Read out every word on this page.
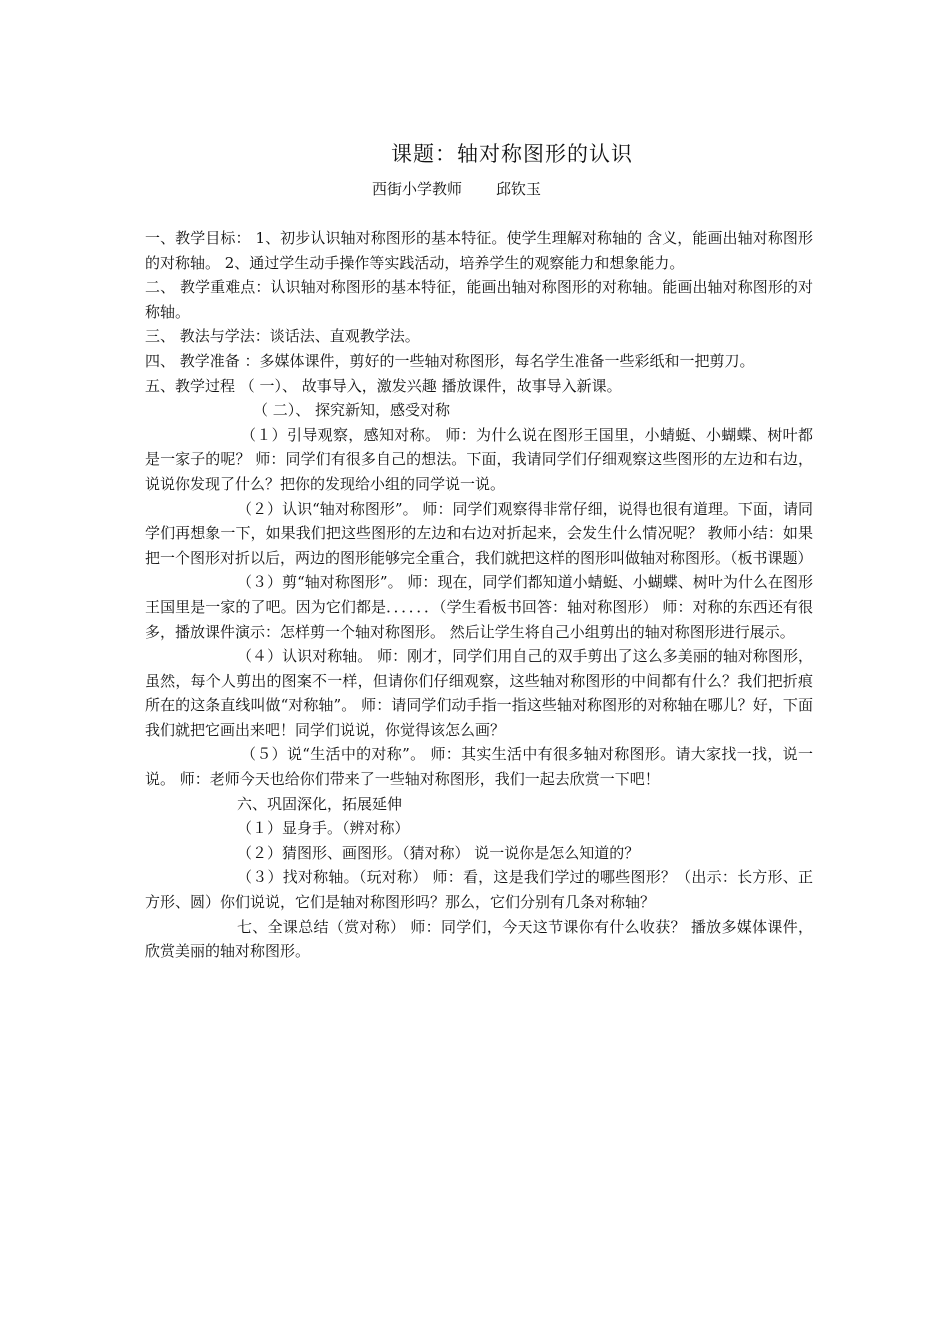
课题：轴对称图形的认识
西街小学教师 邱钦玉

一、教学目标： 1、初步认识轴对称图形的基本特征。使学生理解对称轴的 含义，能画出轴对称图形的对称轴。 2、通过学生动手操作等实践活动，培养学生的观察能力和想象能力。

二、 教学重难点：认识轴对称图形的基本特征，能画出轴对称图形的对称轴。能画出轴对称图形的对称轴。

三、 教法与学法：谈话法、直观教学法。

四、 教学准备 ：多媒体课件，剪好的一些轴对称图形，每名学生准备一些彩纸和一把剪刀。

五、教学过程 （ 一）、 故事导入，激发兴趣 播放课件，故事导入新课。

（ 二）、 探究新知，感受对称

（１）引导观察，感知对称。 师：为什么说在图形王国里，小蜻蜓、小蝴蝶、树叶都是一家子的呢？ 师：同学们有很多自己的想法。下面，我请同学们仔细观察这些图形的左边和右边，说说你发现了什么？把你的发现给小组的同学说一说。

（２）认识“轴对称图形”。 师：同学们观察得非常仔细，说得也很有道理。下面，请同学们再想象一下，如果我们把这些图形的左边和右边对折起来，会发生什么情况呢？ 教师小结：如果把一个图形对折以后，两边的图形能够完全重合，我们就把这样的图形叫做轴对称图形。（板书课题）

（３）剪“轴对称图形”。 师：现在，同学们都知道小蜻蜓、小蝴蝶、树叶为什么在图形王国里是一家的了吧。因为它们都是．．．．．．（学生看板书回答：轴对称图形） 师：对称的东西还有很多，播放课件演示：怎样剪一个轴对称图形。 然后让学生将自己小组剪出的轴对称图形进行展示。

（４）认识对称轴。 师：刚才，同学们用自己的双手剪出了这么多美丽的轴对称图形，虽然，每个人剪出的图案不一样，但请你们仔细观察，这些轴对称图形的中间都有什么？我们把折痕所在的这条直线叫做“对称轴”。 师：请同学们动手指一指这些轴对称图形的对称轴在哪儿？好，下面我们就把它画出来吧！同学们说说，你觉得该怎么画？

（５）说“生活中的对称”。 师：其实生活中有很多轴对称图形。请大家找一找，说一说。 师：老师今天也给你们带来了一些轴对称图形，我们一起去欣赏一下吧！

六、巩固深化，拓展延伸

（１）显身手。（辨对称）

（２）猜图形、画图形。（猜对称） 说一说你是怎么知道的？

（３）找对称轴。（玩对称） 师：看，这是我们学过的哪些图形？（出示：长方形、正方形、圆）你们说说，它们是轴对称图形吗？那么，它们分别有几条对称轴？

七、全课总结（赏对称） 师：同学们，今天这节课你有什么收获？ 播放多媒体课件，欣赏美丽的轴对称图形。
